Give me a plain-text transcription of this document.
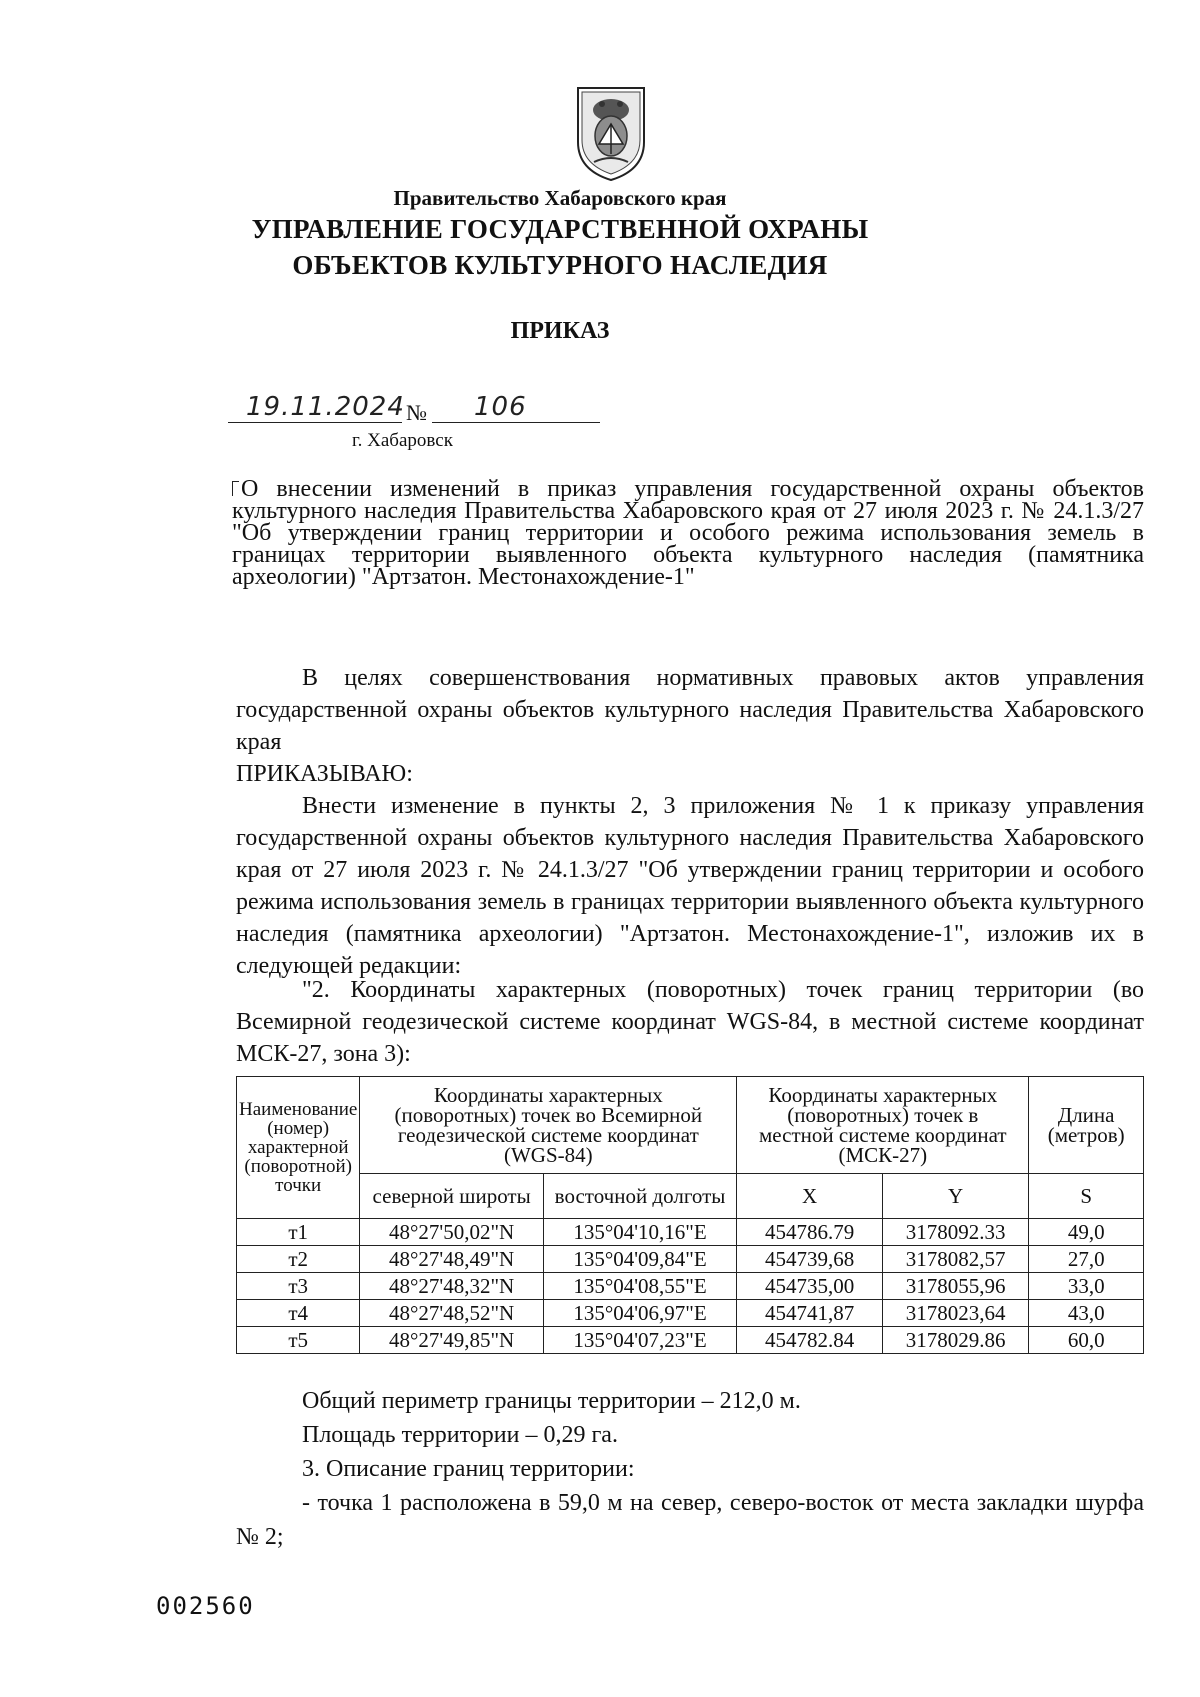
Правительство Хабаровского края
УПРАВЛЕНИЕ ГОСУДАРСТВЕННОЙ ОХРАНЫ
ОБЪЕКТОВ КУЛЬТУРНОГО НАСЛЕДИЯ
ПРИКАЗ
19.11.2024 № 106
г. Хабаровск
О внесении изменений в приказ управления государственной охраны объектов культурного наследия Правительства Хабаровского края от 27 июля 2023 г. № 24.1.3/27 "Об утверждении границ территории и особого режима использования земель в границах территории выявленного объекта культурного наследия (памятника археологии) "Артзатон. Местонахождение-1"
В целях совершенствования нормативных правовых актов управления государственной охраны объектов культурного наследия Правительства Хабаровского края
ПРИКАЗЫВАЮ:
Внести изменение в пункты 2, 3 приложения № 1 к приказу управления государственной охраны объектов культурного наследия Правительства Хабаровского края от 27 июля 2023 г. № 24.1.3/27 "Об утверждении границ территории и особого режима использования земель в границах территории выявленного объекта культурного наследия (памятника археологии) "Артзатон. Местонахождение-1", изложив их в следующей редакции:
"2. Координаты характерных (поворотных) точек границ территории (во Всемирной геодезической системе координат WGS-84, в местной системе координат МСК-27, зона 3):
Наименование (номер) характерной (поворотной) точки	Координаты характерных (поворотных) точек во Всемирной геодезической системе координат (WGS-84)		Координаты характерных (поворотных) точек в местной системе координат (МСК-27)		Длина (метров)
	северной широты	восточной долготы	X	Y	S
т1	48°27'50,02"N	135°04'10,16"E	454786.79	3178092.33	49,0
т2	48°27'48,49"N	135°04'09,84"E	454739,68	3178082,57	27,0
т3	48°27'48,32"N	135°04'08,55"E	454735,00	3178055,96	33,0
т4	48°27'48,52"N	135°04'06,97"E	454741,87	3178023,64	43,0
т5	48°27'49,85"N	135°04'07,23"E	454782.84	3178029.86	60,0
Общий периметр границы территории – 212,0 м.
Площадь территории – 0,29 га.
3. Описание границ территории:
- точка 1 расположена в 59,0 м на север, северо-восток от места закладки шурфа № 2;
002560
